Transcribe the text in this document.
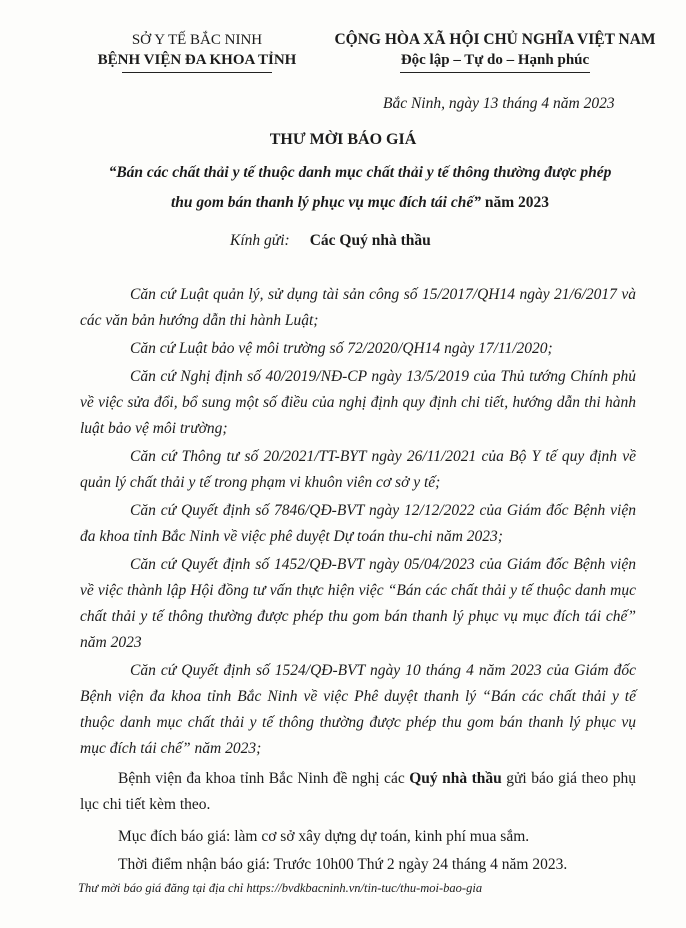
SỞ Y TẾ BẮC NINH
BỆNH VIỆN ĐA KHOA TỈNH
CỘNG HÒA XÃ HỘI CHỦ NGHĨA VIỆT NAM
Độc lập – Tự do – Hạnh phúc
Bắc Ninh, ngày 13 tháng 4 năm 2023
THƯ MỜI BÁO GIÁ
“Bán các chất thải y tế thuộc danh mục chất thải y tế thông thường được phép thu gom bán thanh lý phục vụ mục đích tái chế” năm 2023
Kính gửi: Các Quý nhà thầu

Căn cứ Luật quản lý, sử dụng tài sản công số 15/2017/QH14 ngày 21/6/2017 và các văn bản hướng dẫn thi hành Luật;

Căn cứ Luật bảo vệ môi trường số 72/2020/QH14 ngày 17/11/2020;

Căn cứ Nghị định số 40/2019/NĐ-CP ngày 13/5/2019 của Thủ tướng Chính phủ về việc sửa đổi, bổ sung một số điều của nghị định quy định chi tiết, hướng dẫn thi hành luật bảo vệ môi trường;

Căn cứ Thông tư số 20/2021/TT-BYT ngày 26/11/2021 của Bộ Y tế quy định về quản lý chất thải y tế trong phạm vi khuôn viên cơ sở y tế;

Căn cứ Quyết định số 7846/QĐ-BVT ngày 12/12/2022 của Giám đốc Bệnh viện đa khoa tỉnh Bắc Ninh về việc phê duyệt Dự toán thu-chi năm 2023;

Căn cứ Quyết định số 1452/QĐ-BVT ngày 05/04/2023 của Giám đốc Bệnh viện về việc thành lập Hội đồng tư vấn thực hiện việc “Bán các chất thải y tế thuộc danh mục chất thải y tế thông thường được phép thu gom bán thanh lý phục vụ mục đích tái chế” năm 2023

Căn cứ Quyết định số 1524/QĐ-BVT ngày 10 tháng 4 năm 2023 của Giám đốc Bệnh viện đa khoa tỉnh Bắc Ninh về việc Phê duyệt thanh lý “Bán các chất thải y tế thuộc danh mục chất thải y tế thông thường được phép thu gom bán thanh lý phục vụ mục đích tái chế” năm 2023;

Bệnh viện đa khoa tỉnh Bắc Ninh đề nghị các Quý nhà thầu gửi báo giá theo phụ lục chi tiết kèm theo.

Mục đích báo giá: làm cơ sở xây dựng dự toán, kinh phí mua sắm.

Thời điểm nhận báo giá: Trước 10h00 Thứ 2 ngày 24 tháng 4 năm 2023.

Thư mời báo giá đăng tại địa chỉ https://bvdkbacninh.vn/tin-tuc/thu-moi-bao-gia
